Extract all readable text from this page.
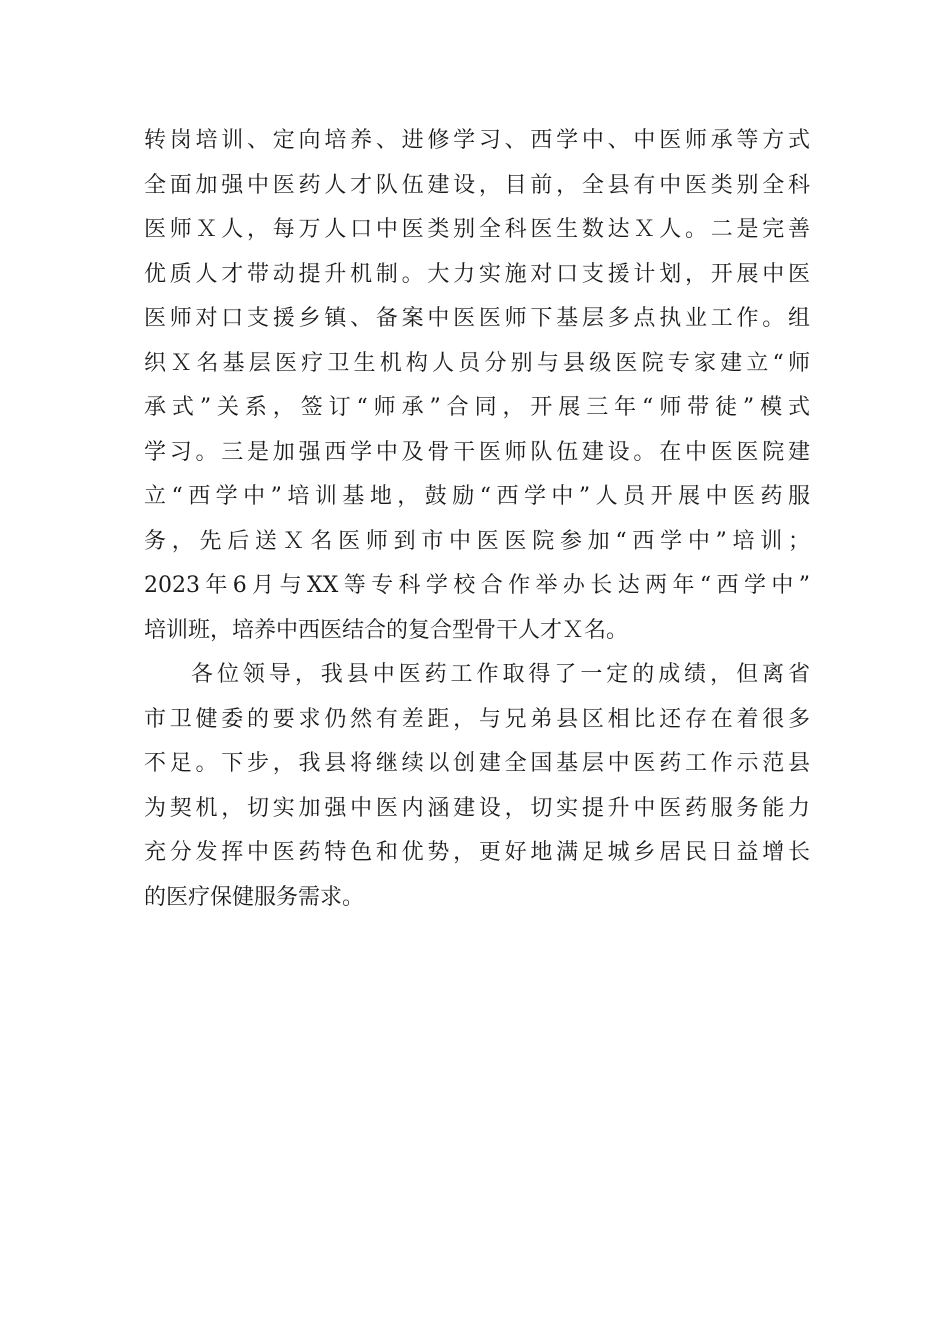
转岗培训、定向培养、进修学习、西学中、中医师承等方式
全面加强中医药人才队伍建设，目前，全县有中医类别全科
医师Ｘ人，每万人口中医类别全科医生数达Ｘ人。二是完善
优质人才带动提升机制。大力实施对口支援计划，开展中医
医师对口支援乡镇、备案中医医师下基层多点执业工作。组
织Ｘ名基层医疗卫生机构人员分别与县级医院专家建立“师
承式”关系，签订“师承”合同，开展三年“师带徒”模式
学习。三是加强西学中及骨干医师队伍建设。在中医医院建
立“西学中”培训基地，鼓励“西学中”人员开展中医药服
务，先后送Ｘ名医师到市中医医院参加“西学中”培训；
2023年6月与XX等专科学校合作举办长达两年“西学中”
培训班，培养中西医结合的复合型骨干人才Ｘ名。
各位领导，我县中医药工作取得了一定的成绩，但离省
市卫健委的要求仍然有差距，与兄弟县区相比还存在着很多
不足。下步，我县将继续以创建全国基层中医药工作示范县
为契机，切实加强中医内涵建设，切实提升中医药服务能力
充分发挥中医药特色和优势，更好地满足城乡居民日益增长
的医疗保健服务需求。
